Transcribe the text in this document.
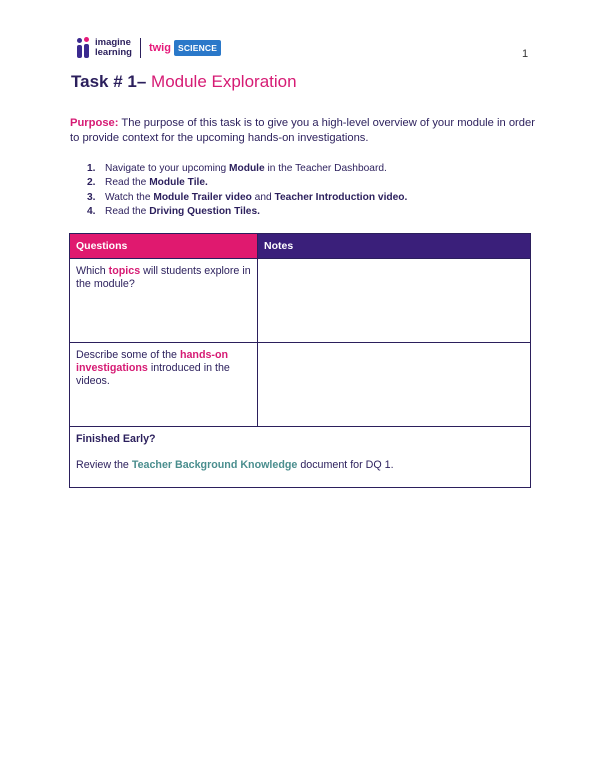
imagine
learning twig SCIENCE	1
Task # 1– Module Exploration
Purpose: The purpose of this task is to give you a high-level overview of your module in order to provide context for the upcoming hands-on investigations.
1. Navigate to your upcoming Module in the Teacher Dashboard.
2. Read the Module Tile.
3. Watch the Module Trailer video and Teacher Introduction video.
4. Read the Driving Question Tiles.
Questions	Notes
Which topics will students explore in the module?	
Describe some of the hands-on investigations introduced in the videos.	

Finished Early?
Review the Teacher Background Knowledge document for DQ 1.	
